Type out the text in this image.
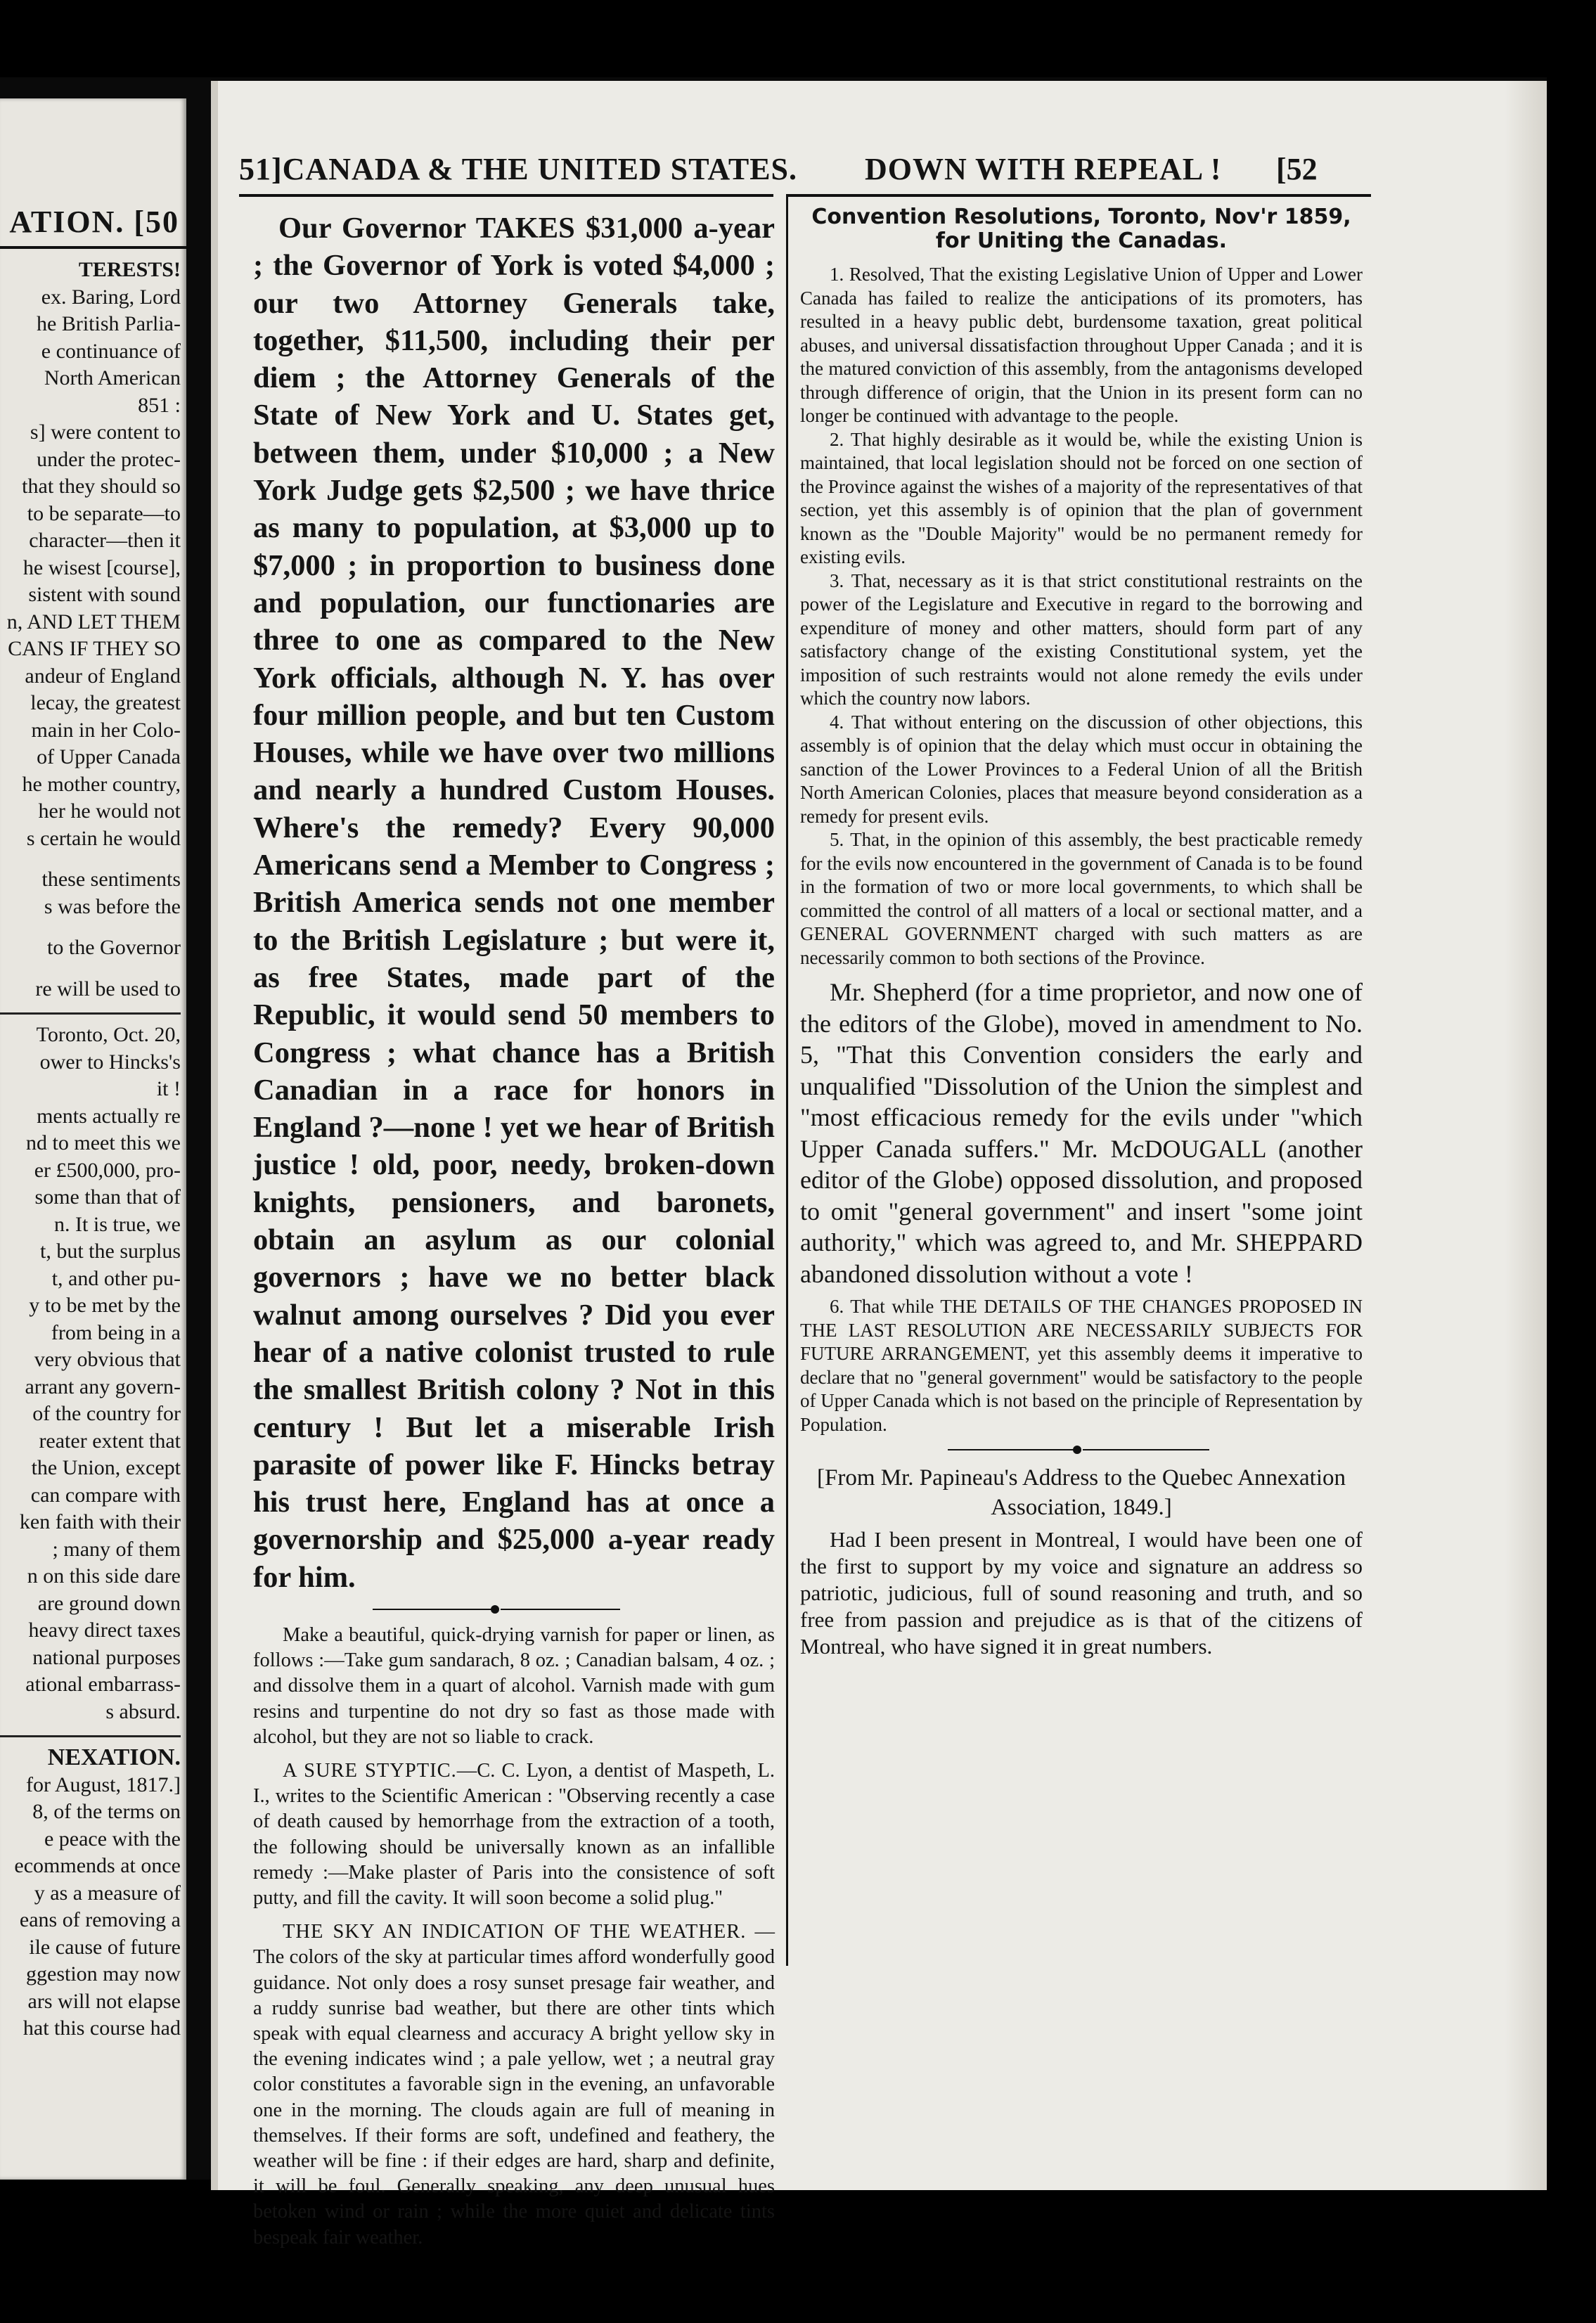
ATION. [50
TERESTS!
ex. Baring, Lord
he British Parlia-
e continuance of
North American
851 :
s] were content to
under the protec-
that they should so
to be separate—to
character—then it
he wisest [course],
sistent with sound
n, AND LET THEM
CANS IF THEY SO
andeur of England
lecay, the greatest
main in her Colo-
of Upper Canada
he mother country,
her he would not
s certain he would
these sentiments
s was before the
to the Governor
re will be used to
Toronto, Oct. 20,
ower to Hincks's
it !
ments actually re
nd to meet this we
er £500,000, pro-
some than that of
n. It is true, we
t, but the surplus
t, and other pu-
y to be met by the
from being in a
very obvious that
arrant any govern-
of the country for
reater extent that
the Union, except
can compare with
ken faith with their
; many of them
n on this side dare
are ground down
heavy direct taxes
national purposes
ational embarrass-
s absurd.
NEXATION.
for August, 1817.]
8, of the terms on
e peace with the
ecommends at once
y as a measure of
eans of removing a
ile cause of future
ggestion may now
ars will not elapse
hat this course had
51]CANADA & THE UNITED STATES. DOWN WITH REPEAL !	[52

Our Governor TAKES $31,000 a-year ; the Governor of York is voted $4,000 ; our two Attorney Generals take, together, $11,500, including their per diem ; the Attorney Generals of the State of New York and U. States get, between them, under $10,000 ; a New York Judge gets $2,500 ; we have thrice as many to population, at $3,000 up to $7,000 ; in proportion to business done and population, our functionaries are three to one as compared to the New York officials, although N. Y. has over four million people, and but ten Custom Houses, while we have over two millions and nearly a hundred Custom Houses. Where's the remedy? Every 90,000 Americans send a Member to Congress ; British America sends not one member to the British Legislature ; but were it, as free States, made part of the Republic, it would send 50 members to Congress ; what chance has a British Canadian in a race for honors in England ?—none ! yet we hear of British justice ! old, poor, needy, broken-down knights, pensioners, and baronets, obtain an asylum as our colonial governors ; have we no better black walnut among ourselves ? Did you ever hear of a native colonist trusted to rule the smallest British colony ? Not in this century ! But let a miserable Irish parasite of power like F. Hincks betray his trust here, England has at once a governorship and $25,000 a-year ready for him.

Make a beautiful, quick-drying varnish for paper or linen, as follows :—Take gum sandarach, 8 oz. ; Canadian balsam, 4 oz. ; and dissolve them in a quart of alcohol. Varnish made with gum resins and turpentine do not dry so fast as those made with alcohol, but they are not so liable to crack.

A SURE STYPTIC.—C. C. Lyon, a dentist of Maspeth, L. I., writes to the Scientific American : "Observing recently a case of death caused by hemorrhage from the extraction of a tooth, the following should be universally known as an infallible remedy :—Make plaster of Paris into the consistence of soft putty, and fill the cavity. It will soon become a solid plug."

THE SKY AN INDICATION OF THE WEATHER. — The colors of the sky at particular times afford wonderfully good guidance. Not only does a rosy sunset presage fair weather, and a ruddy sunrise bad weather, but there are other tints which speak with equal clearness and accuracy A bright yellow sky in the evening indicates wind ; a pale yellow, wet ; a neutral gray color constitutes a favorable sign in the evening, an unfavorable one in the morning. The clouds again are full of meaning in themselves. If their forms are soft, undefined and feathery, the weather will be fine : if their edges are hard, sharp and definite, it will be foul. Generally speaking, any deep unusual hues betoken wind or rain ; while the more quiet and delicate tints bespeak fair weather.

Convention Resolutions, Toronto, Nov'r 1859, for Uniting the Canadas.

1. Resolved, That the existing Legislative Union of Upper and Lower Canada has failed to realize the anticipations of its promoters, has resulted in a heavy public debt, burdensome taxation, great political abuses, and universal dissatisfaction throughout Upper Canada ; and it is the matured conviction of this assembly, from the antagonisms developed through difference of origin, that the Union in its present form can no longer be continued with advantage to the people.

2. That highly desirable as it would be, while the existing Union is maintained, that local legislation should not be forced on one section of the Province against the wishes of a majority of the representatives of that section, yet this assembly is of opinion that the plan of government known as the "Double Majority" would be no permanent remedy for existing evils.

3. That, necessary as it is that strict constitutional restraints on the power of the Legislature and Executive in regard to the borrowing and expenditure of money and other matters, should form part of any satisfactory change of the existing Constitutional system, yet the imposition of such restraints would not alone remedy the evils under which the country now labors.

4. That without entering on the discussion of other objections, this assembly is of opinion that the delay which must occur in obtaining the sanction of the Lower Provinces to a Federal Union of all the British North American Colonies, places that measure beyond consideration as a remedy for present evils.

5. That, in the opinion of this assembly, the best practicable remedy for the evils now encountered in the government of Canada is to be found in the formation of two or more local governments, to which shall be committed the control of all matters of a local or sectional matter, and a GENERAL GOVERNMENT charged with such matters as are necessarily common to both sections of the Province.

Mr. Shepherd (for a time proprietor, and now one of the editors of the Globe), moved in amendment to No. 5, "That this Convention considers the early and unqualified "Dissolution of the Union the simplest and "most efficacious remedy for the evils under "which Upper Canada suffers." Mr. McDOUGALL (another editor of the Globe) opposed dissolution, and proposed to omit "general government" and insert "some joint authority," which was agreed to, and Mr. SHEPPARD abandoned dissolution without a vote !

6. That while THE DETAILS OF THE CHANGES PROPOSED IN THE LAST RESOLUTION ARE NECESSARILY SUBJECTS FOR FUTURE ARRANGEMENT, yet this assembly deems it imperative to declare that no "general government" would be satisfactory to the people of Upper Canada which is not based on the principle of Representation by Population.

[From Mr. Papineau's Address to the Quebec Annexation Association, 1849.]

Had I been present in Montreal, I would have been one of the first to support by my voice and signature an address so patriotic, judicious, full of sound reasoning and truth, and so free from passion and prejudice as is that of the citizens of Montreal, who have signed it in great numbers.
